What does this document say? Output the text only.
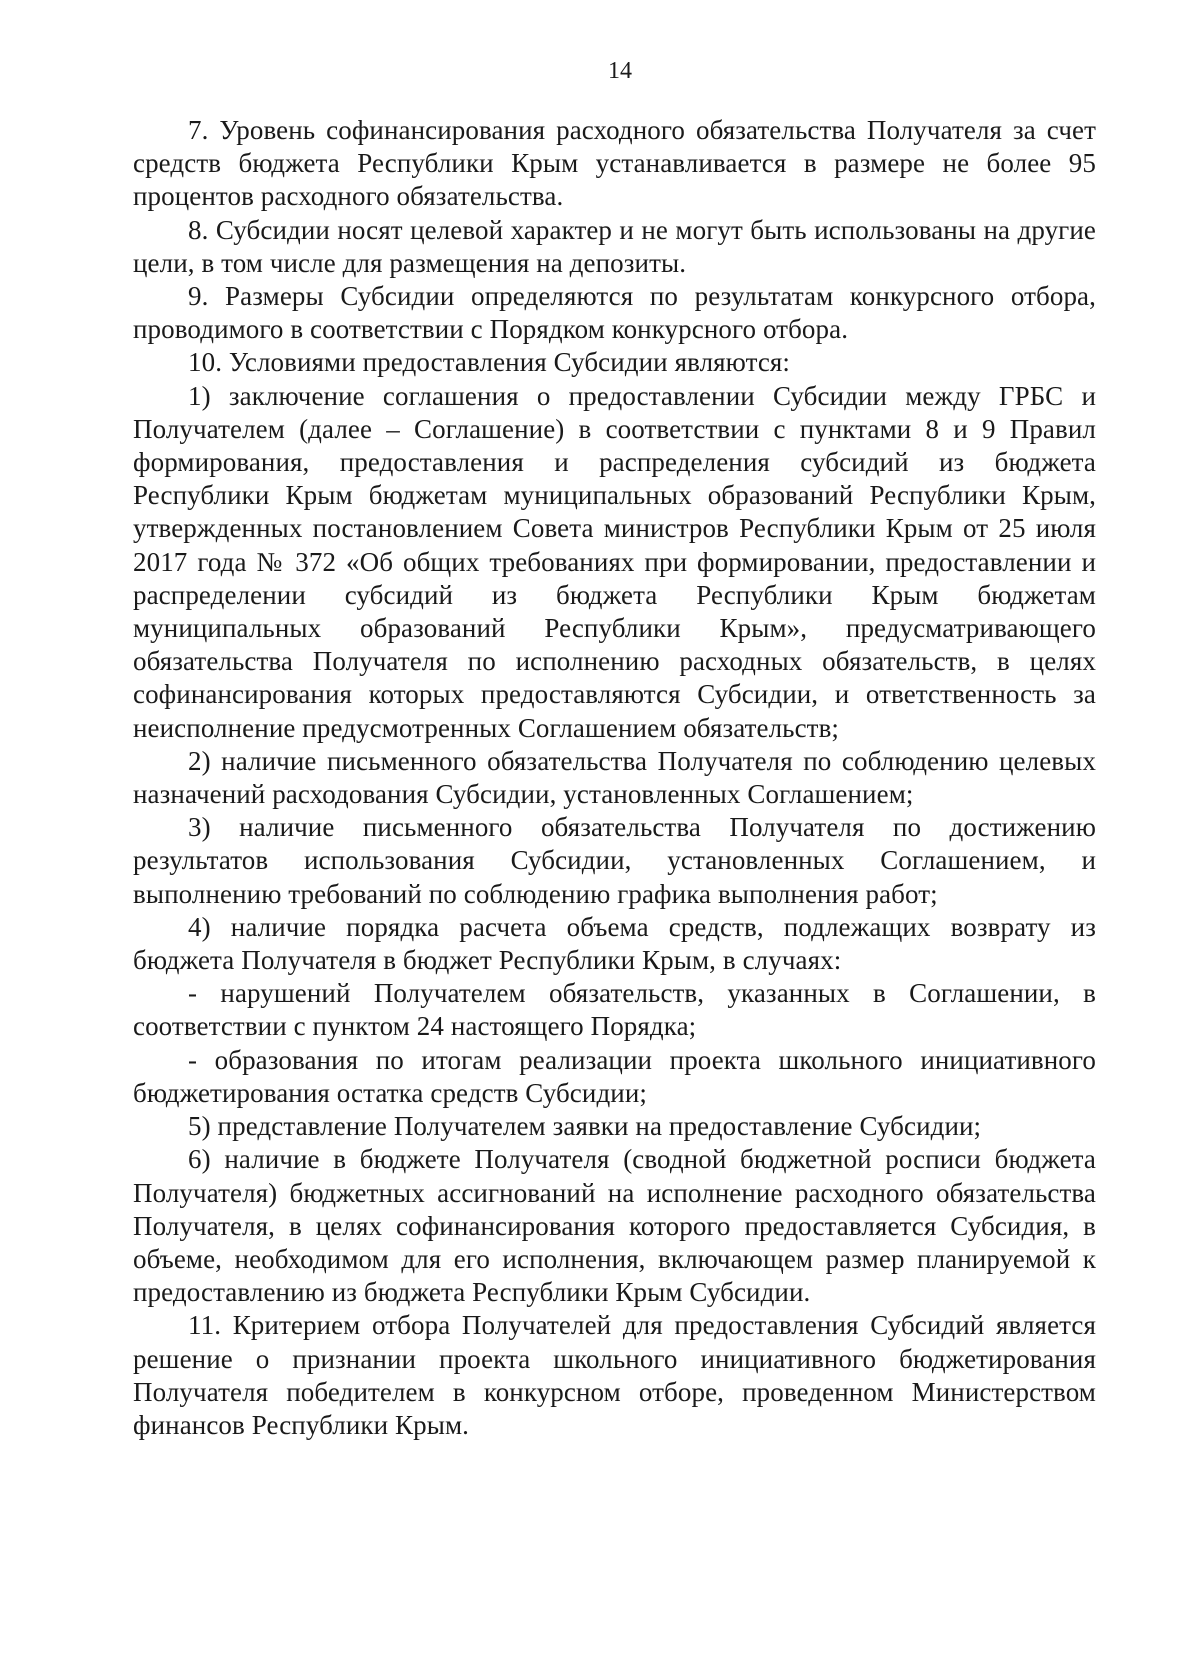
14

7. Уровень софинансирования расходного обязательства Получателя за счет средств бюджета Республики Крым устанавливается в размере не более 95 процентов расходного обязательства.

8. Субсидии носят целевой характер и не могут быть использованы на другие цели, в том числе для размещения на депозиты.

9. Размеры Субсидии определяются по результатам конкурсного отбора, проводимого в соответствии с Порядком конкурсного отбора.

10. Условиями предоставления Субсидии являются:

1) заключение соглашения о предоставлении Субсидии между ГРБС и Получателем (далее – Соглашение) в соответствии с пунктами 8 и 9 Правил формирования, предоставления и распределения субсидий из бюджета Республики Крым бюджетам муниципальных образований Республики Крым, утвержденных постановлением Совета министров Республики Крым от 25 июля 2017 года № 372 «Об общих требованиях при формировании, предоставлении и распределении субсидий из бюджета Республики Крым бюджетам муниципальных образований Республики Крым», предусматривающего обязательства Получателя по исполнению расходных обязательств, в целях софинансирования которых предоставляются Субсидии, и ответственность за неисполнение предусмотренных Соглашением обязательств;

2) наличие письменного обязательства Получателя по соблюдению целевых назначений расходования Субсидии, установленных Соглашением;

3) наличие письменного обязательства Получателя по достижению результатов использования Субсидии, установленных Соглашением, и выполнению требований по соблюдению графика выполнения работ;

4) наличие порядка расчета объема средств, подлежащих возврату из бюджета Получателя в бюджет Республики Крым, в случаях:

- нарушений Получателем обязательств, указанных в Соглашении, в соответствии с пунктом 24 настоящего Порядка;

- образования по итогам реализации проекта школьного инициативного бюджетирования остатка средств Субсидии;

5) представление Получателем заявки на предоставление Субсидии;

6) наличие в бюджете Получателя (сводной бюджетной росписи бюджета Получателя) бюджетных ассигнований на исполнение расходного обязательства Получателя, в целях софинансирования которого предоставляется Субсидия, в объеме, необходимом для его исполнения, включающем размер планируемой к предоставлению из бюджета Республики Крым Субсидии.

11. Критерием отбора Получателей для предоставления Субсидий является решение о признании проекта школьного инициативного бюджетирования Получателя победителем в конкурсном отборе, проведенном Министерством финансов Республики Крым.
